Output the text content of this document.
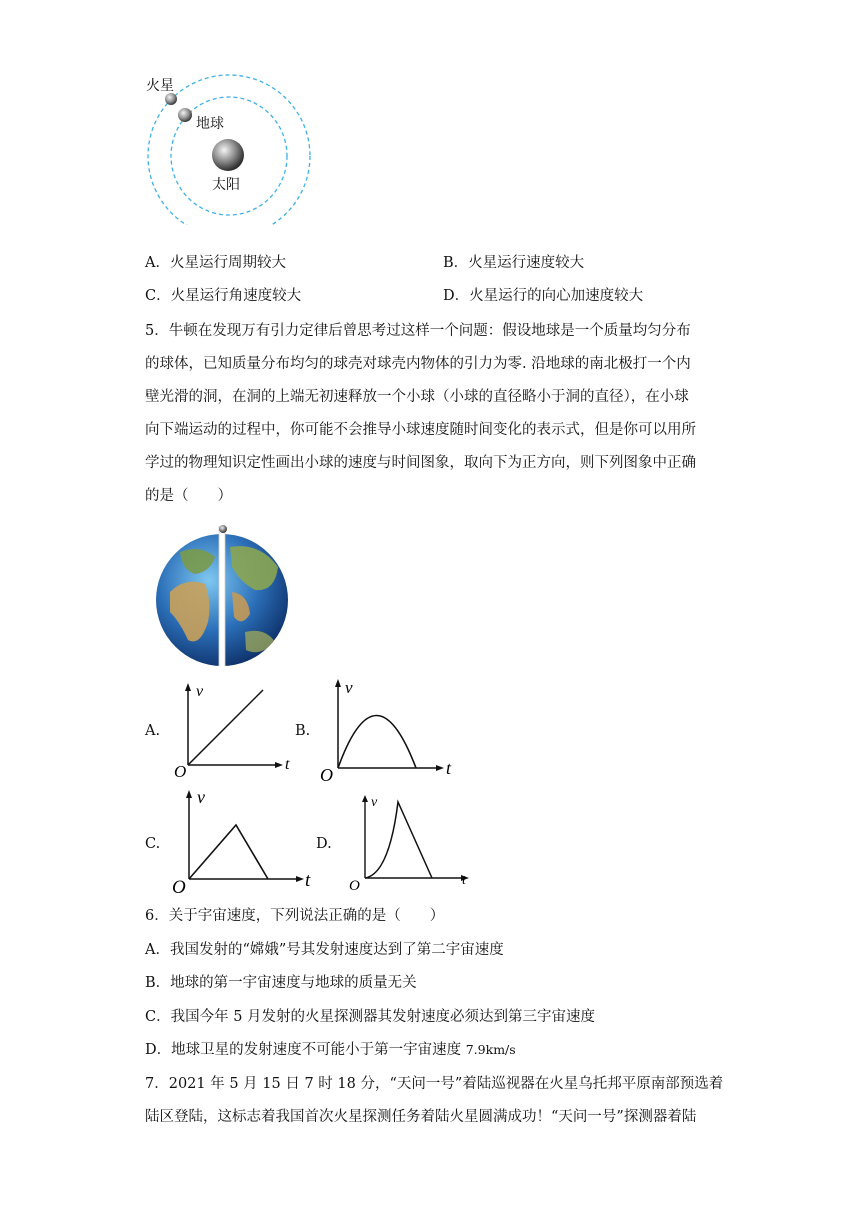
火星
地球
太阳
A．火星运行周期较大	B．火星运行速度较大
C．火星运行角速度较大	D．火星运行的向心加速度较大
5．牛顿在发现万有引力定律后曾思考过这样一个问题：假设地球是一个质量均匀分布
的球体，已知质量分布均匀的球壳对球壳内物体的引力为零. 沿地球的南北极打一个内
壁光滑的洞，在洞的上端无初速释放一个小球（小球的直径略小于洞的直径），在小球
向下端运动的过程中，你可能不会推导小球速度随时间变化的表示式，但是你可以用所
学过的物理知识定性画出小球的速度与时间图象，取向下为正方向，则下列图象中正确
的是（　　）
A.
v
t
O
B.
v
t
O
C.
v
t
O
D.
v
t
O
6．关于宇宙速度，下列说法正确的是（　　）
A．我国发射的“嫦娥”号其发射速度达到了第二宇宙速度
B．地球的第一宇宙速度与地球的质量无关
C．我国今年 5 月发射的火星探测器其发射速度必须达到第三宇宙速度
D．地球卫星的发射速度不可能小于第一宇宙速度 7.9km/s
7．2021 年 5 月 15 日 7 时 18 分，“天问一号”着陆巡视器在火星乌托邦平原南部预选着
陆区登陆，这标志着我国首次火星探测任务着陆火星圆满成功！“天问一号”探测器着陆
